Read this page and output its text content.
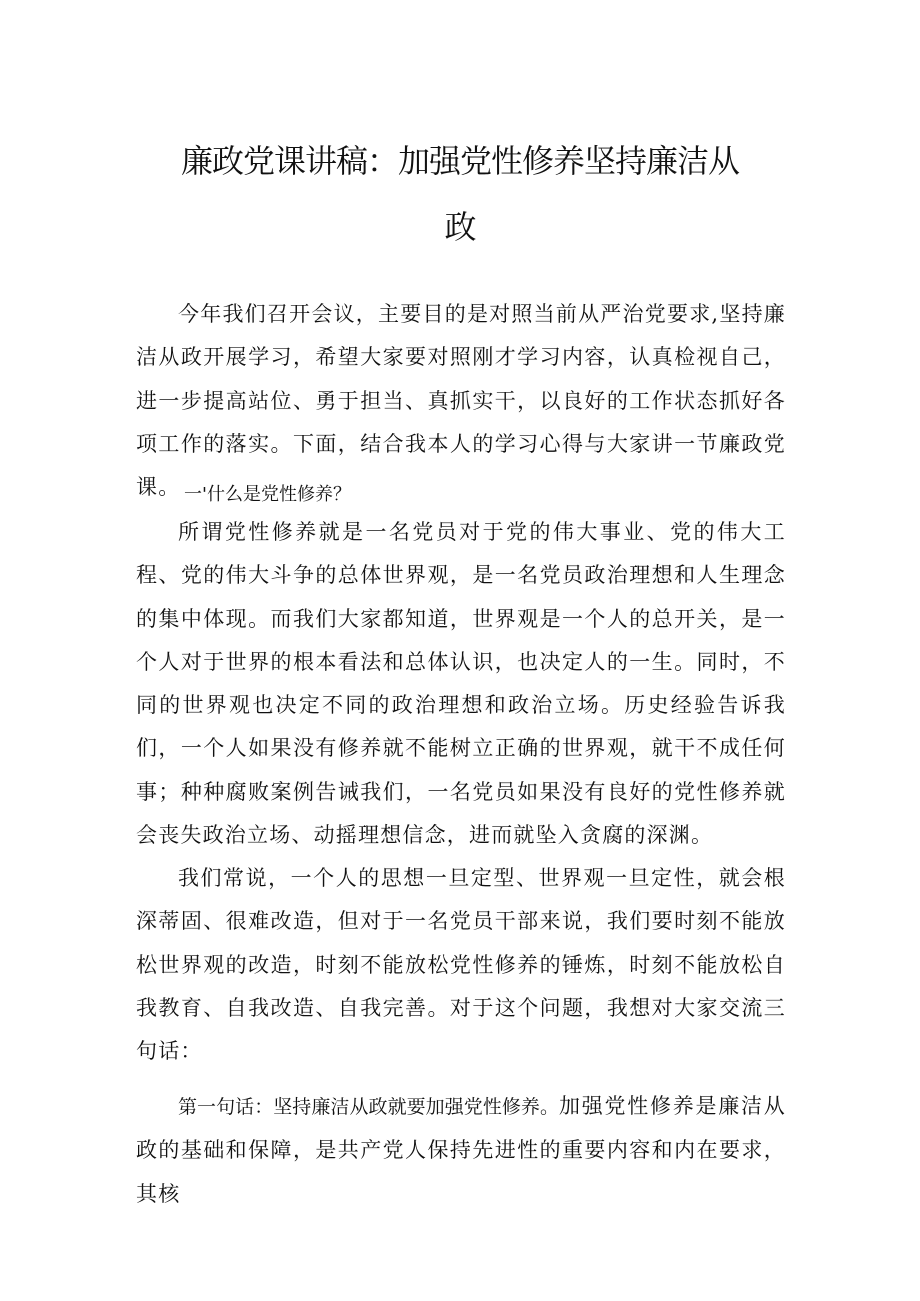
廉政党课讲稿：加强党性修养坚持廉洁从
政

今年我们召开会议，主要目的是对照当前从严治党要求,坚持廉洁从政开展学习，希望大家要对照刚才学习内容，认真检视自己，进一步提高站位、勇于担当、真抓实干，以良好的工作状态抓好各项工作的落实。下面，结合我本人的学习心得与大家讲一节廉政党课。 一'什么是党性修养？

所谓党性修养就是一名党员对于党的伟大事业、党的伟大工程、党的伟大斗争的总体世界观，是一名党员政治理想和人生理念的集中体现。而我们大家都知道，世界观是一个人的总开关，是一个人对于世界的根本看法和总体认识，也决定人的一生。同时，不同的世界观也决定不同的政治理想和政治立场。历史经验告诉我们，一个人如果没有修养就不能树立正确的世界观，就干不成任何事；种种腐败案例告诫我们，一名党员如果没有良好的党性修养就会丧失政治立场、动摇理想信念，进而就坠入贪腐的深渊。

我们常说，一个人的思想一旦定型、世界观一旦定性，就会根深蒂固、很难改造，但对于一名党员干部来说，我们要时刻不能放松世界观的改造，时刻不能放松党性修养的锤炼，时刻不能放松自我教育、自我改造、自我完善。对于这个问题，我想对大家交流三句话：

第一句话：坚持廉洁从政就要加强党性修养。加强党性修养是廉洁从政的基础和保障，是共产党人保持先进性的重要内容和内在要求，其核
